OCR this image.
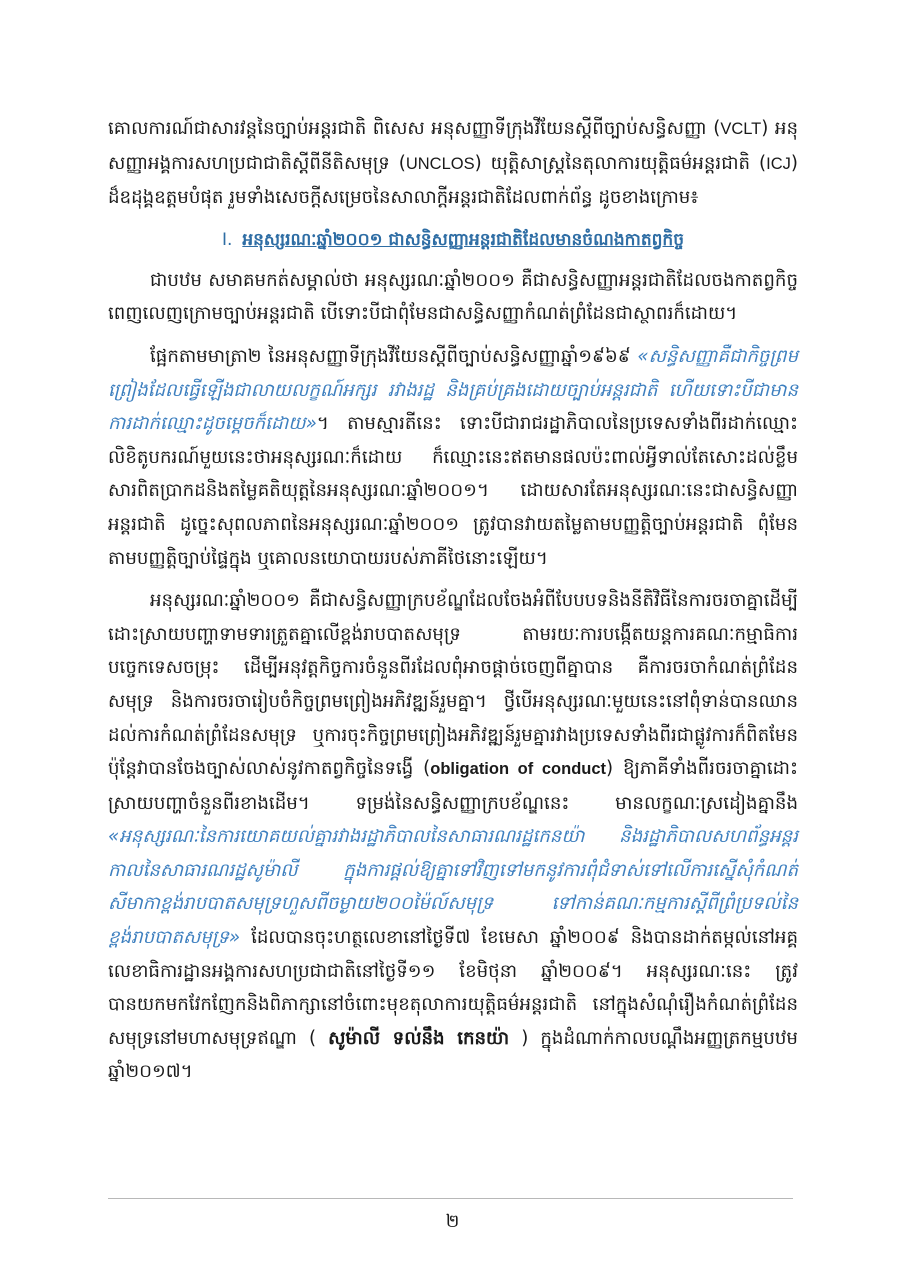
គោលការណ៍ជាសារវន្តនៃច្បាប់អន្តរជាតិ ពិសេស អនុសញ្ញាទីក្រុងវីយែនស្តីពីច្បាប់សន្ធិសញ្ញា (VCLT) អនុសញ្ញាអង្គការសហប្រជាជាតិស្តីពីនីតិសមុទ្រ (UNCLOS) យុត្តិសាស្រ្តនៃតុលាការយុត្តិធម៌អន្តរជាតិ (ICJ) ដ៏ឧដុង្គឧត្តមបំផុត រួមទាំងសេចក្តីសម្រេចនៃសាលាក្តីអន្តរជាតិដែលពាក់ព័ន្ធ ដូចខាងក្រោម៖

I. អនុស្សរណៈឆ្នាំ២០០១ ជាសន្ធិសញ្ញាអន្តរជាតិដែលមានចំណងកាតព្វកិច្ច

ជាបឋម សមាគមកត់សម្គាល់ថា អនុស្សរណៈឆ្នាំ២០០១ គឺជាសន្ធិសញ្ញាអន្តរជាតិដែលចងកាតព្វកិច្ចពេញលេញក្រោមច្បាប់អន្តរជាតិ បើទោះបីជាពុំមែនជាសន្ធិសញ្ញាកំណត់ព្រំដែនជាស្ថាពរក៏ដោយ។

ផ្អែកតាមមាត្រា២ នៃអនុសញ្ញាទីក្រុងវីយែនស្តីពីច្បាប់សន្ធិសញ្ញាឆ្នាំ១៩៦៩ «សន្ធិសញ្ញាគឺជាកិច្ចព្រមព្រៀងដែលធ្វើឡើងជាលាយលក្ខណ៍អក្សរ រវាងរដ្ឋ និងគ្រប់គ្រងដោយច្បាប់អន្តរជាតិ ហើយទោះបីជាមានការដាក់ឈ្មោះដូចម្តេចក៏ដោយ»។ តាមស្មារតីនេះ ទោះបីជារាជរដ្ឋាភិបាលនៃប្រទេសទាំងពីរដាក់ឈ្មោះលិខិតូបករណ៍មួយនេះថាអនុស្សរណៈក៏ដោយ ក៏ឈ្មោះនេះឥតមានផលប៉ះពាល់អ្វីទាល់តែសោះដល់ខ្លឹមសារពិតប្រាកដនិងតម្លៃគតិយុត្តនៃអនុស្សរណៈឆ្នាំ២០០១។ ដោយសារតែអនុស្សរណៈនេះជាសន្ធិសញ្ញាអន្តរជាតិ ដូច្នេះសុពលភាពនៃអនុស្សរណៈឆ្នាំ២០០១ ត្រូវបានវាយតម្លៃតាមបញ្ញត្តិច្បាប់អន្តរជាតិ ពុំមែនតាមបញ្ញត្តិច្បាប់ផ្ទៃក្នុង ឬគោលនយោបាយរបស់ភាគីថៃនោះឡើយ។

អនុស្សរណៈឆ្នាំ២០០១ គឺជាសន្ធិសញ្ញាក្របខ័ណ្ឌដែលចែងអំពីបែបបទនិងនីតិវិធីនៃការចរចាគ្នាដើម្បីដោះស្រាយបញ្ហាទាមទារត្រួតគ្នាលើខ្ពង់រាបបាតសមុទ្រ តាមរយៈការបង្កើតយន្តការគណៈកម្មាធិការបច្ចេកទេសចម្រុះ ដើម្បីអនុវត្តកិច្ចការចំនួនពីរដែលពុំអាចផ្តាច់ចេញពីគ្នាបាន គឺការចរចាកំណត់ព្រំដែនសមុទ្រ និងការចរចារៀបចំកិច្ចព្រមព្រៀងអភិវឌ្ឍន៍រួមគ្នា។ ថ្វីបើអនុស្សរណៈមួយនេះនៅពុំទាន់បានឈានដល់ការកំណត់ព្រំដែនសមុទ្រ ឬការចុះកិច្ចព្រមព្រៀងអភិវឌ្ឍន៍រួមគ្នារវាងប្រទេសទាំងពីរជាផ្លូវការក៏ពិតមែន ប៉ុន្តែវាបានចែងច្បាស់លាស់នូវកាតព្វកិច្ចនៃទង្វើ (obligation of conduct) ឱ្យភាគីទាំងពីរចរចាគ្នាដោះស្រាយបញ្ហាចំនួនពីរខាងដើម។ ទម្រង់នៃសន្ធិសញ្ញាក្របខ័ណ្ឌនេះ មានលក្ខណៈស្រដៀងគ្នានឹង «អនុស្សរណៈនៃការយោគយល់គ្នារវាងរដ្ឋាភិបាលនៃសាធារណរដ្ឋកេនយ៉ា និងរដ្ឋាភិបាលសហព័ន្ធអន្តរកាលនៃសាធារណរដ្ឋសូម៉ាលី ក្នុងការផ្តល់ឱ្យគ្នាទៅវិញទៅមកនូវការពុំជំទាស់ទៅលើការស្នើសុំកំណត់សីមាកាខ្ពង់រាបបាតសមុទ្រហួសពីចម្ងាយ២០០ម៉ៃល៍សមុទ្រ ទៅកាន់គណៈកម្មការស្តីពីព្រំប្រទល់នៃខ្ពង់រាបបាតសមុទ្រ» ដែលបានចុះហត្ថលេខានៅថ្ងៃទី៧ ខែមេសា ឆ្នាំ២០០៩ និងបានដាក់តម្កល់នៅអគ្គលេខាធិការដ្ឋានអង្គការសហប្រជាជាតិនៅថ្ងៃទី១១ ខែមិថុនា ឆ្នាំ២០០៩។ អនុស្សរណៈនេះ ត្រូវបានយកមកវែកញែកនិងពិភាក្សានៅចំពោះមុខតុលាការយុត្តិធម៌អន្តរជាតិ នៅក្នុងសំណុំរឿងកំណត់ព្រំដែនសមុទ្រនៅមហាសមុទ្រឥណ្ឌា ( សូម៉ាលី ទល់នឹង កេនយ៉ា ) ក្នុងដំណាក់កាលបណ្តឹងអញ្ញត្រកម្មបឋម ឆ្នាំ២០១៧។

២
